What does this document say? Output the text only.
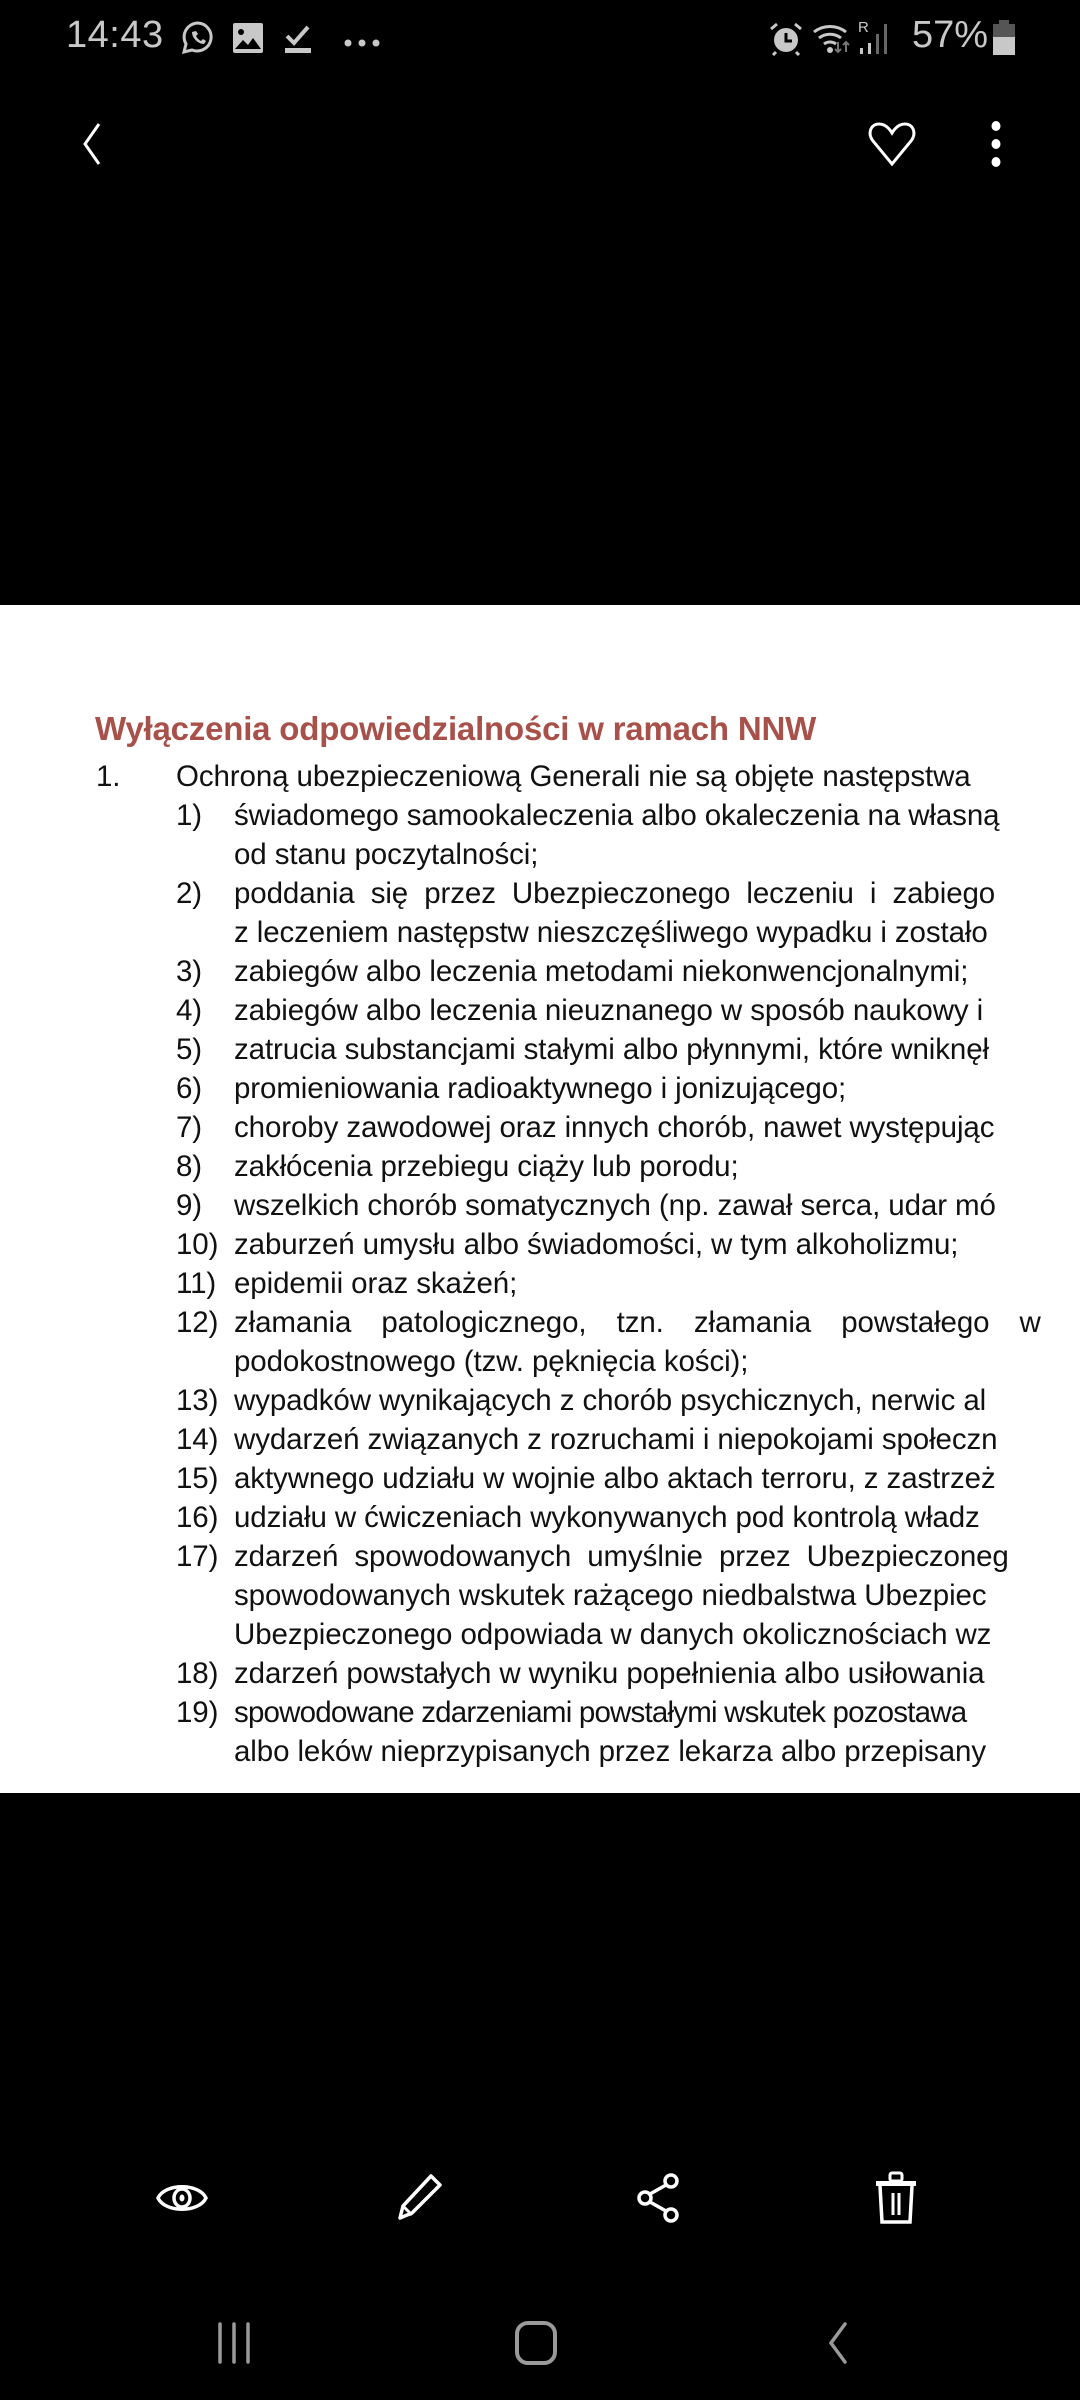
14:43	R 57%
Wyłączenia odpowiedzialności w ramach NNW
1. Ochroną ubezpieczeniową Generali nie są objęte następstwa
1) świadomego samookaleczenia albo okaleczenia na własną
od stanu poczytalności;
2) poddania się przez Ubezpieczonego leczeniu i zabiego
z leczeniem następstw nieszczęśliwego wypadku i zostało
3) zabiegów albo leczenia metodami niekonwencjonalnymi;
4) zabiegów albo leczenia nieuznanego w sposób naukowy i
5) zatrucia substancjami stałymi albo płynnymi, które wniknęł
6) promieniowania radioaktywnego i jonizującego;
7) choroby zawodowej oraz innych chorób, nawet występując
8) zakłócenia przebiegu ciąży lub porodu;
9) wszelkich chorób somatycznych (np. zawał serca, udar mó
10) zaburzeń umysłu albo świadomości, w tym alkoholizmu;
11) epidemii oraz skażeń;
12) złamania patologicznego, tzn. złamania powstałego w
podokostnowego (tzw. pęknięcia kości);
13) wypadków wynikających z chorób psychicznych, nerwic al
14) wydarzeń związanych z rozruchami i niepokojami społeczn
15) aktywnego udziału w wojnie albo aktach terroru, z zastrzeż
16) udziału w ćwiczeniach wykonywanych pod kontrolą władz
17) zdarzeń spowodowanych umyślnie przez Ubezpieczoneg
spowodowanych wskutek rażącego niedbalstwa Ubezpiec
Ubezpieczonego odpowiada w danych okolicznościach wz
18) zdarzeń powstałych w wyniku popełnienia albo usiłowania
19) spowodowane zdarzeniami powstałymi wskutek pozostawa
albo leków nieprzypisanych przez lekarza albo przepisany
